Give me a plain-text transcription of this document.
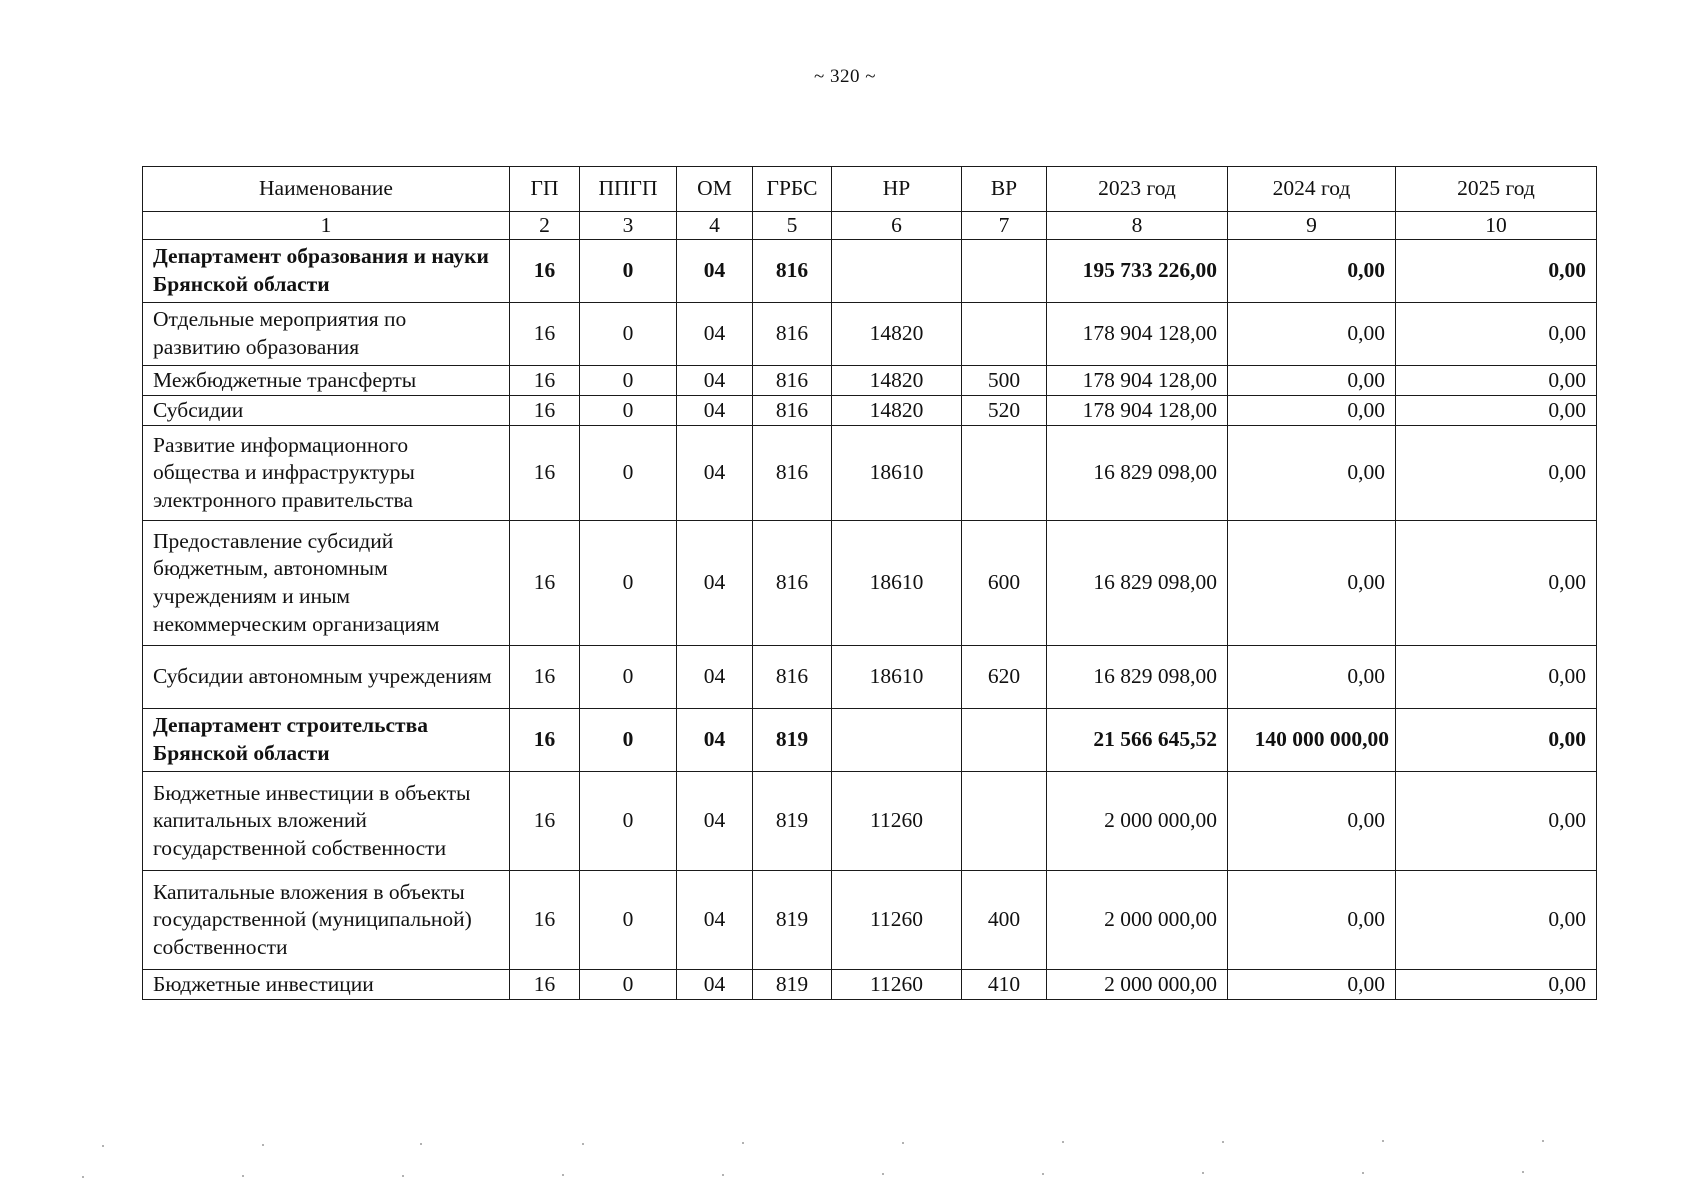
~ 320 ~
Наименование	ГП	ППГП	ОМ	ГРБС	НР	ВР	2023 год	2024 год	2025 год
1	2	3	4	5	6	7	8	9	10
Департамент образования и науки Брянской области	16	0	04	816			195 733 226,00	0,00	0,00
Отдельные мероприятия по развитию образования	16	0	04	816	14820		178 904 128,00	0,00	0,00
Межбюджетные трансферты	16	0	04	816	14820	500	178 904 128,00	0,00	0,00
Субсидии	16	0	04	816	14820	520	178 904 128,00	0,00	0,00
Развитие информационного общества и инфраструктуры электронного правительства	16	0	04	816	18610		16 829 098,00	0,00	0,00
Предоставление субсидий бюджетным, автономным учреждениям и иным некоммерческим организациям	16	0	04	816	18610	600	16 829 098,00	0,00	0,00
Субсидии автономным учреждениям	16	0	04	816	18610	620	16 829 098,00	0,00	0,00
Департамент строительства Брянской области	16	0	04	819			21 566 645,52	140 000 000,00	0,00
Бюджетные инвестиции в объекты капитальных вложений государственной собственности	16	0	04	819	11260		2 000 000,00	0,00	0,00
Капитальные вложения в объекты государственной (муниципальной) собственности	16	0	04	819	11260	400	2 000 000,00	0,00	0,00
Бюджетные инвестиции	16	0	04	819	11260	410	2 000 000,00	0,00	0,00
